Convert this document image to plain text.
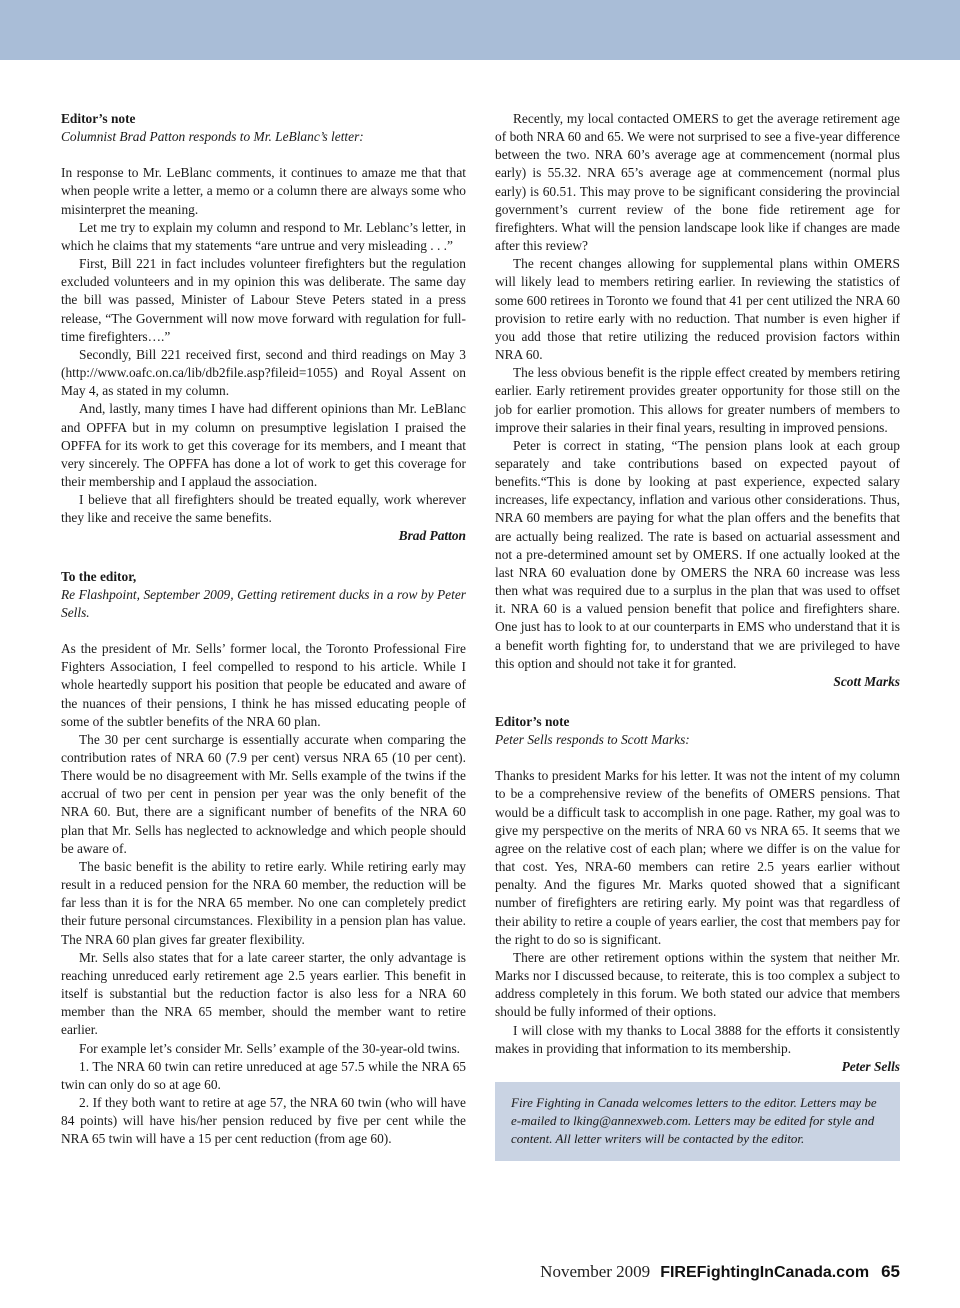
Editor’s note

Columnist Brad Patton responds to Mr. LeBlanc’s letter:

In response to Mr. LeBlanc comments, it continues to amaze me that that when people write a letter, a memo or a column there are always some who misinterpret the meaning.

Let me try to explain my column and respond to Mr. Leblanc’s letter, in which he claims that my statements “are untrue and very misleading . . .”

First, Bill 221 in fact includes volunteer firefighters but the regulation excluded volunteers and in my opinion this was deliberate. The same day the bill was passed, Minister of Labour Steve Peters stated in a press release, “The Government will now move forward with regulation for full-time firefighters….”

Secondly, Bill 221 received first, second and third readings on May 3 (http://www.oafc.on.ca/lib/db2file.asp?fileid=1055) and Royal Assent on May 4, as stated in my column.

And, lastly, many times I have had different opinions than Mr. LeBlanc and OPFFA but in my column on presumptive legislation I praised the OPFFA for its work to get this coverage for its members, and I meant that very sincerely. The OPFFA has done a lot of work to get this coverage for their membership and I applaud the association.

I believe that all firefighters should be treated equally, work wherever they like and receive the same benefits.

Brad Patton

To the editor,

Re Flashpoint, September 2009, Getting retirement ducks in a row by Peter Sells.

As the president of Mr. Sells’ former local, the Toronto Professional Fire Fighters Association, I feel compelled to respond to his article. While I whole heartedly support his position that people be educated and aware of the nuances of their pensions, I think he has missed educating people of some of the subtler benefits of the NRA 60 plan.

The 30 per cent surcharge is essentially accurate when comparing the contribution rates of NRA 60 (7.9 per cent) versus NRA 65 (10 per cent). There would be no disagreement with Mr. Sells example of the twins if the accrual of two per cent in pension per year was the only benefit of the NRA 60. But, there are a significant number of benefits of the NRA 60 plan that Mr. Sells has neglected to acknowledge and which people should be aware of.

The basic benefit is the ability to retire early. While retiring early may result in a reduced pension for the NRA 60 member, the reduction will be far less than it is for the NRA 65 member. No one can completely predict their future personal circumstances. Flexibility in a pension plan has value. The NRA 60 plan gives far greater flexibility.

Mr. Sells also states that for a late career starter, the only advantage is reaching unreduced early retirement age 2.5 years earlier. This benefit in itself is substantial but the reduction factor is also less for a NRA 60 member than the NRA 65 member, should the member want to retire earlier.

For example let’s consider Mr. Sells’ example of the 30-year-old twins.

1. The NRA 60 twin can retire unreduced at age 57.5 while the NRA 65 twin can only do so at age 60.

2. If they both want to retire at age 57, the NRA 60 twin (who will have 84 points) will have his/her pension reduced by five per cent while the NRA 65 twin will have a 15 per cent reduction (from age 60).

Recently, my local contacted OMERS to get the average retirement age of both NRA 60 and 65. We were not surprised to see a five-year difference between the two. NRA 60’s average age at commencement (normal plus early) is 55.32. NRA 65’s average age at commencement (normal plus early) is 60.51. This may prove to be significant considering the provincial government’s current review of the bone fide retirement age for firefighters. What will the pension landscape look like if changes are made after this review?

The recent changes allowing for supplemental plans within OMERS will likely lead to members retiring earlier. In reviewing the statistics of some 600 retirees in Toronto we found that 41 per cent utilized the NRA 60 provision to retire early with no reduction. That number is even higher if you add those that retire utilizing the reduced provision factors within NRA 60.

The less obvious benefit is the ripple effect created by members retiring earlier. Early retirement provides greater opportunity for those still on the job for earlier promotion. This allows for greater numbers of members to improve their salaries in their final years, resulting in improved pensions.

Peter is correct in stating, “The pension plans look at each group separately and take contributions based on expected payout of benefits.“This is done by looking at past experience, expected salary increases, life expectancy, inflation and various other considerations. Thus, NRA 60 members are paying for what the plan offers and the benefits that are actually being realized. The rate is based on actuarial assessment and not a pre-determined amount set by OMERS. If one actually looked at the last NRA 60 evaluation done by OMERS the NRA 60 increase was less then what was required due to a surplus in the plan that was used to offset it. NRA 60 is a valued pension benefit that police and firefighters share. One just has to look to at our counterparts in EMS who understand that it is a benefit worth fighting for, to understand that we are privileged to have this option and should not take it for granted.

Scott Marks

Editor’s note

Peter Sells responds to Scott Marks:

Thanks to president Marks for his letter. It was not the intent of my column to be a comprehensive review of the benefits of OMERS pensions. That would be a difficult task to accomplish in one page. Rather, my goal was to give my perspective on the merits of NRA 60 vs NRA 65. It seems that we agree on the relative cost of each plan; where we differ is on the value for that cost. Yes, NRA-60 members can retire 2.5 years earlier without penalty. And the figures Mr. Marks quoted showed that a significant number of firefighters are retiring early. My point was that regardless of their ability to retire a couple of years earlier, the cost that members pay for the right to do so is significant.

There are other retirement options within the system that neither Mr. Marks nor I discussed because, to reiterate, this is too complex a subject to address completely in this forum. We both stated our advice that members should be fully informed of their options.

I will close with my thanks to Local 3888 for the efforts it consistently makes in providing that information to its membership.

Peter Sells

Fire Fighting in Canada welcomes letters to the editor. Letters may be e-mailed to lking@annexweb.com. Letters may be edited for style and content. All letter writers will be contacted by the editor.
November 2009 FIREFightingInCanada.com 65
